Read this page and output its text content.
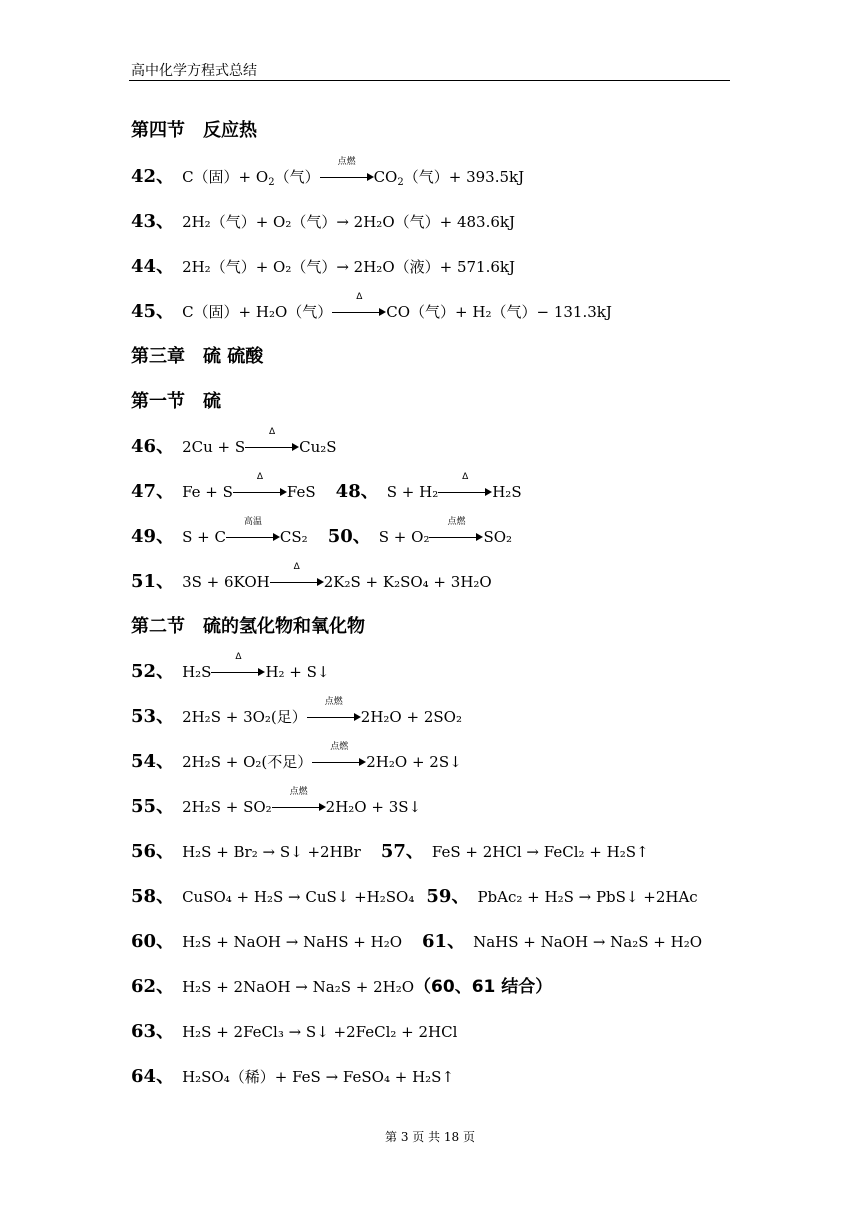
高中化学方程式总结
第四节　反应热
42 、 C（固）+ $O_2$（气）
点燃
$CO_2$（气）+ 393.5kJ
43 、 2H₂（气）+ O₂（气）→ 2H₂O（气）+ 483.6kJ
44 、 2H₂（气）+ O₂（气）→ 2H₂O（液）+ 571.6kJ
45 、 C（固）+ H₂O（气）
Δ
CO（气）+ H₂（气）− 131.3kJ
第三章　硫 硫酸
第一节　硫
46 、 2Cu + S
Δ
Cu₂S
47 、 Fe + S
Δ
FeS 48 、 S + H₂
Δ
H₂S
49 、 S + C
高温
CS₂ 50 、 S + O₂
点燃
SO₂
51 、 3S + 6KOH
Δ
2K₂S + K₂SO₄ + 3H₂O
第二节　硫的氢化物和氧化物
52 、 H₂S
Δ
H₂ + S↓
53 、 2H₂S + 3O₂(足）
点燃
2H₂O + 2SO₂
54 、 2H₂S + O₂(不足）
点燃
2H₂O + 2S↓
55 、 2H₂S + SO₂
点燃
2H₂O + 3S↓
56 、 H₂S + Br₂ → S↓ +2HBr 57 、 FeS + 2HCl → FeCl₂ + H₂S↑
58 、 CuSO₄ + H₂S → CuS↓ +H₂SO₄ 59 、 PbAc₂ + H₂S → PbS↓ +2HAc
60 、 H₂S + NaOH → NaHS + H₂O 61 、 NaHS + NaOH → Na₂S + H₂O
62 、 H₂S + 2NaOH → Na₂S + 2H₂O（60、61 结合）
63 、 H₂S + 2FeCl₃ → S↓ +2FeCl₂ + 2HCl
64 、 H₂SO₄（稀）+ FeS → FeSO₄ + H₂S↑
第 3 页 共 18 页
